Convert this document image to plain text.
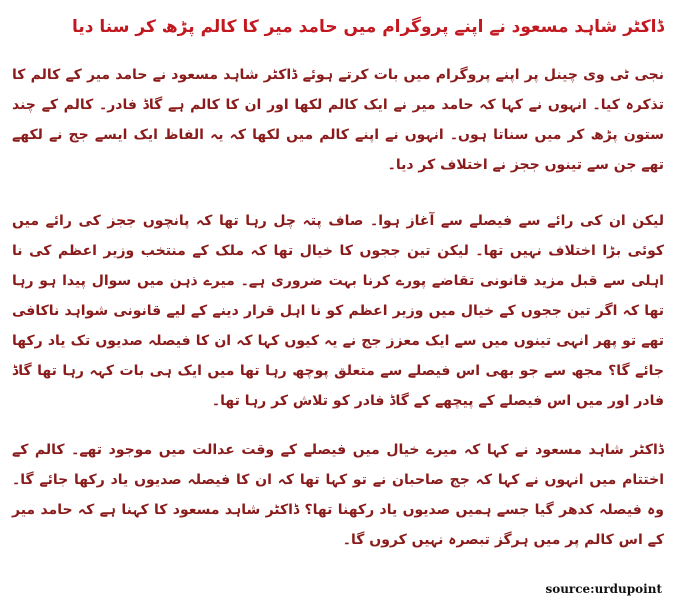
ڈاکٹر شاہد مسعود نے اپنے پروگرام میں حامد میر کا کالم پڑھ کر سنا دیا

نجی ٹی وی چینل پر اپنے پروگرام میں بات کرتے ہوئے ڈاکٹر شاہد مسعود نے حامد میر کے کالم کا تذکرہ کیا۔ انہوں نے کہا کہ حامد میر نے ایک کالم لکھا اور ان کا کالم ہے گاڈ فادر۔ کالم کے چند ستون پڑھ کر میں سناتا ہوں۔ انہوں نے اپنے کالم میں لکھا کہ یہ الفاظ ایک ایسے جج نے لکھے تھے جن سے تینوں ججز نے اختلاف کر دیا۔

لیکن ان کی رائے سے فیصلے سے آغاز ہوا۔ صاف پتہ چل رہا تھا کہ پانچوں ججز کی رائے میں کوئی بڑا اختلاف نہیں تھا۔ لیکن تین ججوں کا خیال تھا کہ ملک کے منتخب وزیر اعظم کی نا اہلی سے قبل مزید قانونی تقاضے پورے کرنا بہت ضروری ہے۔ میرے ذہن میں سوال پیدا ہو رہا تھا کہ اگر تین ججوں کے خیال میں وزیر اعظم کو نا اہل قرار دینے کے لیے قانونی شواہد ناکافی تھے تو پھر انہی تینوں میں سے ایک معزز جج نے یہ کیوں کہا کہ ان کا فیصلہ صدیوں تک یاد رکھا جائے گا؟ مجھ سے جو بھی اس فیصلے سے متعلق پوچھ رہا تھا میں ایک ہی بات کہہ رہا تھا گاڈ فادر اور میں اس فیصلے کے پیچھے کے گاڈ فادر کو تلاش کر رہا تھا۔

ڈاکٹر شاہد مسعود نے کہا کہ میرے خیال میں فیصلے کے وقت عدالت میں موجود تھے۔ کالم کے اختتام میں انہوں نے کہا کہ جج صاحبان نے تو کہا تھا کہ ان کا فیصلہ صدیوں یاد رکھا جائے گا۔ وہ فیصلہ کدھر گیا جسے ہمیں صدیوں یاد رکھنا تھا؟ ڈاکٹر شاہد مسعود کا کہنا ہے کہ حامد میر کے اس کالم پر میں ہرگز تبصرہ نہیں کروں گا۔

source:urdupoint
